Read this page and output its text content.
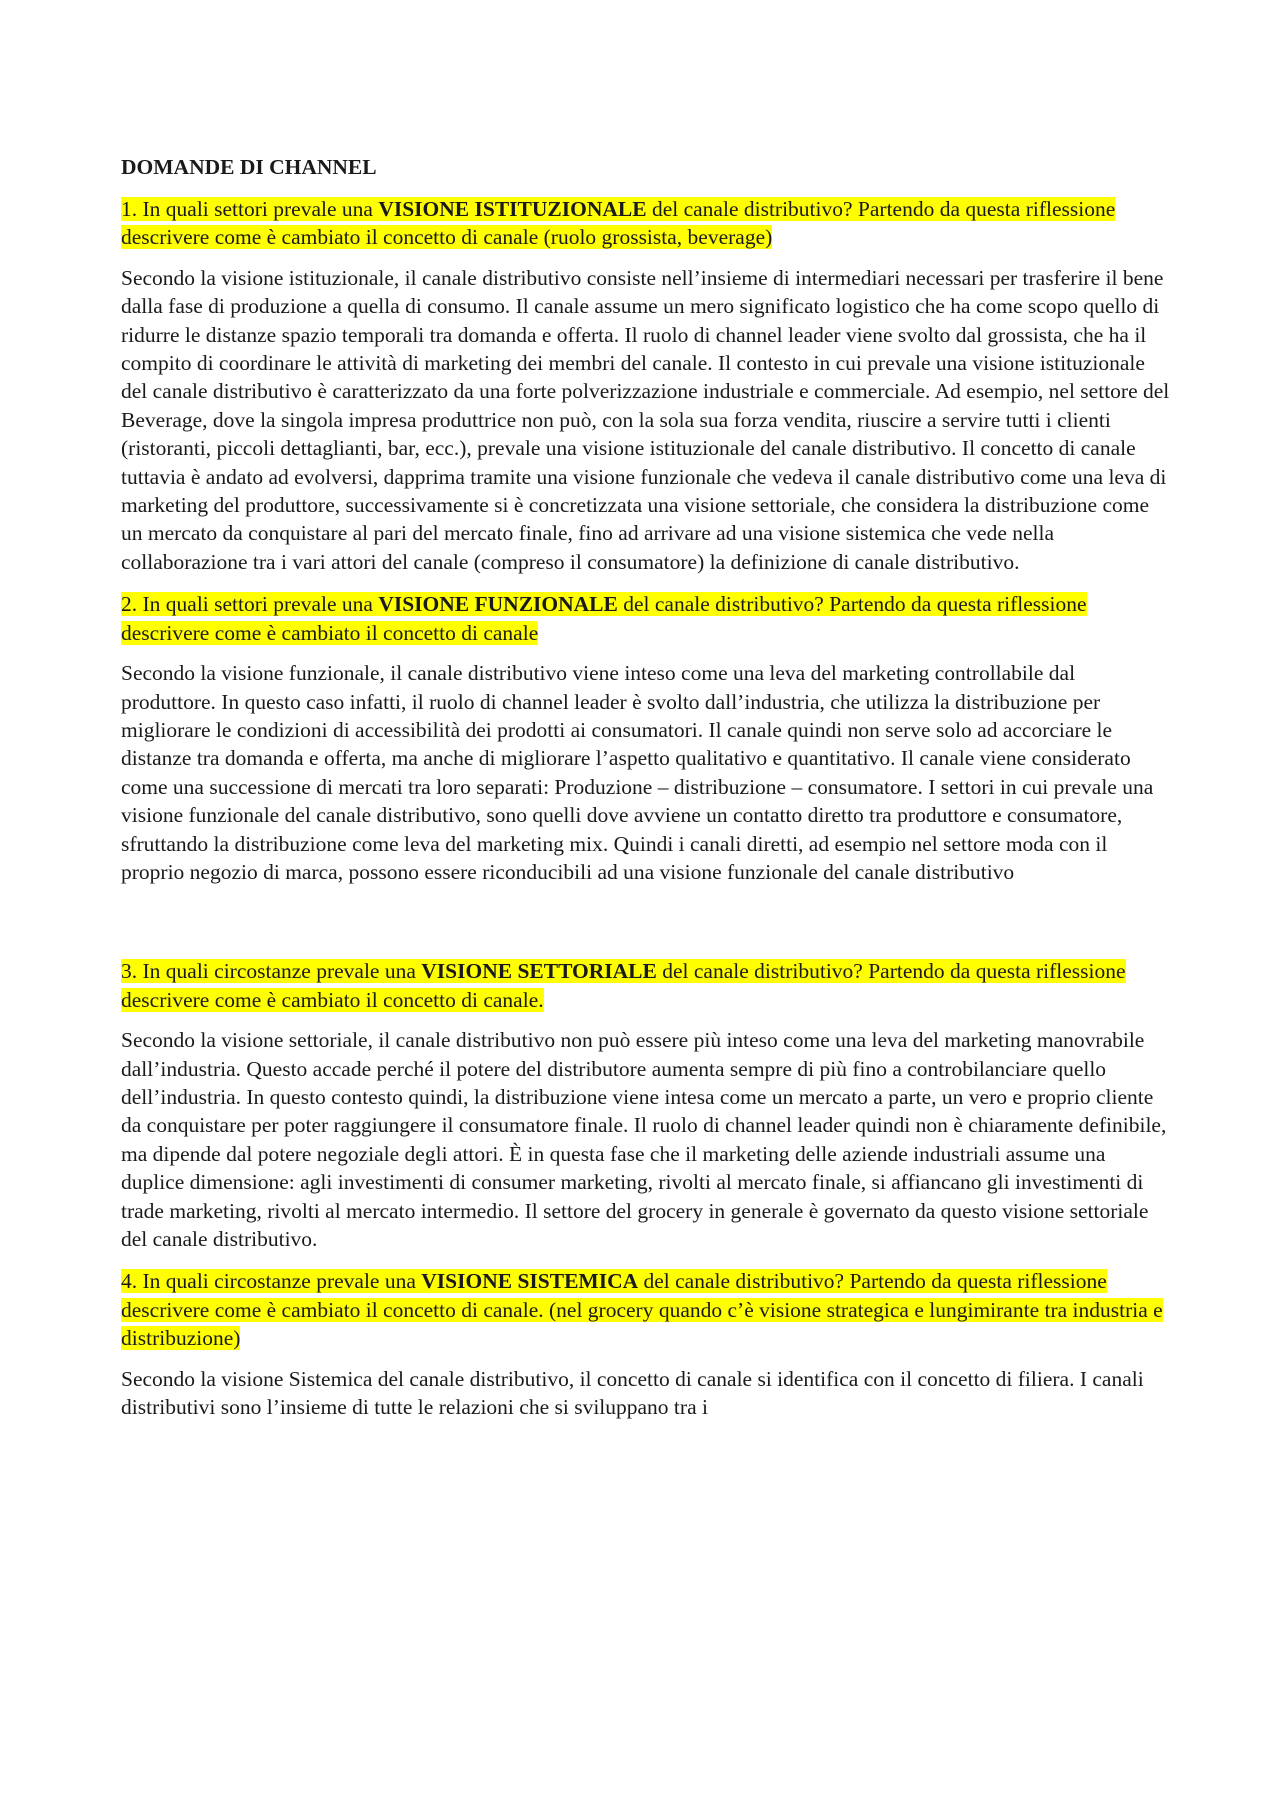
DOMANDE DI CHANNEL
1. In quali settori prevale una VISIONE ISTITUZIONALE del canale distributivo? Partendo da questa riflessione descrivere come è cambiato il concetto di canale (ruolo grossista, beverage)
Secondo la visione istituzionale, il canale distributivo consiste nell’insieme di intermediari necessari per trasferire il bene dalla fase di produzione a quella di consumo. Il canale assume un mero significato logistico che ha come scopo quello di ridurre le distanze spazio temporali tra domanda e offerta. Il ruolo di channel leader viene svolto dal grossista, che ha il compito di coordinare le attività di marketing dei membri del canale. Il contesto in cui prevale una visione istituzionale del canale distributivo è caratterizzato da una forte polverizzazione industriale e commerciale. Ad esempio, nel settore del Beverage, dove la singola impresa produttrice non può, con la sola sua forza vendita, riuscire a servire tutti i clienti (ristoranti, piccoli dettaglianti, bar, ecc.), prevale una visione istituzionale del canale distributivo. Il concetto di canale tuttavia è andato ad evolversi, dapprima tramite una visione funzionale che vedeva il canale distributivo come una leva di marketing del produttore, successivamente si è concretizzata una visione settoriale, che considera la distribuzione come un mercato da conquistare al pari del mercato finale, fino ad arrivare ad una visione sistemica che vede nella collaborazione tra i vari attori del canale (compreso il consumatore) la definizione di canale distributivo.
2. In quali settori prevale una VISIONE FUNZIONALE del canale distributivo? Partendo da questa riflessione descrivere come è cambiato il concetto di canale
Secondo la visione funzionale, il canale distributivo viene inteso come una leva del marketing controllabile dal produttore. In questo caso infatti, il ruolo di channel leader è svolto dall’industria, che utilizza la distribuzione per migliorare le condizioni di accessibilità dei prodotti ai consumatori. Il canale quindi non serve solo ad accorciare le distanze tra domanda e offerta, ma anche di migliorare l’aspetto qualitativo e quantitativo. Il canale viene considerato come una successione di mercati tra loro separati: Produzione – distribuzione – consumatore. I settori in cui prevale una visione funzionale del canale distributivo, sono quelli dove avviene un contatto diretto tra produttore e consumatore, sfruttando la distribuzione come leva del marketing mix. Quindi i canali diretti, ad esempio nel settore moda con il proprio negozio di marca, possono essere riconducibili ad una visione funzionale del canale distributivo
3. In quali circostanze prevale una VISIONE SETTORIALE del canale distributivo? Partendo da questa riflessione descrivere come è cambiato il concetto di canale.
Secondo la visione settoriale, il canale distributivo non può essere più inteso come una leva del marketing manovrabile dall’industria. Questo accade perché il potere del distributore aumenta sempre di più fino a controbilanciare quello dell’industria. In questo contesto quindi, la distribuzione viene intesa come un mercato a parte, un vero e proprio cliente da conquistare per poter raggiungere il consumatore finale. Il ruolo di channel leader quindi non è chiaramente definibile, ma dipende dal potere negoziale degli attori. È in questa fase che il marketing delle aziende industriali assume una duplice dimensione: agli investimenti di consumer marketing, rivolti al mercato finale, si affiancano gli investimenti di trade marketing, rivolti al mercato intermedio. Il settore del grocery in generale è governato da questo visione settoriale del canale distributivo.
4. In quali circostanze prevale una VISIONE SISTEMICA del canale distributivo? Partendo da questa riflessione descrivere come è cambiato il concetto di canale. (nel grocery quando c’è visione strategica e lungimirante tra industria e distribuzione)
Secondo la visione Sistemica del canale distributivo, il concetto di canale si identifica con il concetto di filiera. I canali distributivi sono l’insieme di tutte le relazioni che si sviluppano tra i
